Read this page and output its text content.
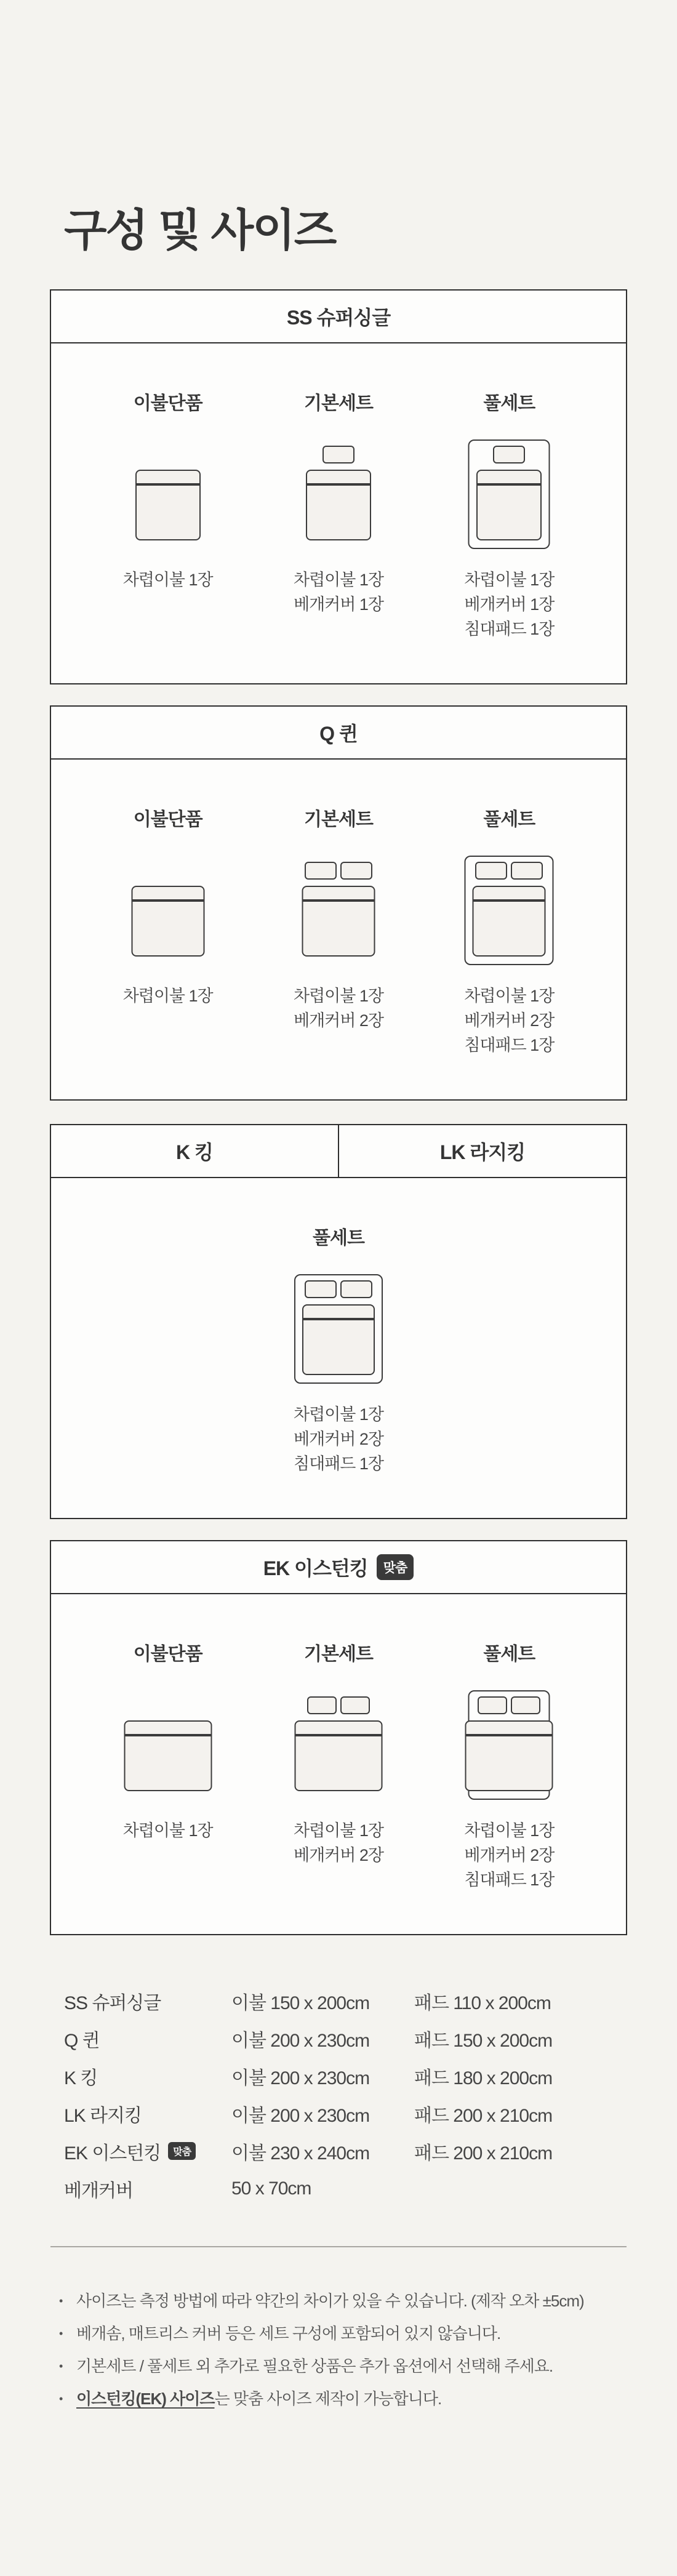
구성 및 사이즈
SS 슈퍼싱글
이불단품
차렵이불 1장
기본세트
차렵이불 1장
베개커버 1장
풀세트
차렵이불 1장
베개커버 1장
침대패드 1장
Q 퀸
이불단품
차렵이불 1장
기본세트
차렵이불 1장
베개커버 2장
풀세트
차렵이불 1장
베개커버 2장
침대패드 1장
K 킹	LK 라지킹
풀세트
차렵이불 1장
베개커버 2장
침대패드 1장
EK 이스턴킹	맞춤
이불단품
차렵이불 1장
기본세트
차렵이불 1장
베개커버 2장
풀세트
차렵이불 1장
베개커버 2장
침대패드 1장
SS 슈퍼싱글	이불 150 x 200cm	패드 110 x 200cm
Q 퀸	이불 200 x 230cm	패드 150 x 200cm
K 킹	이불 200 x 230cm	패드 180 x 200cm
LK 라지킹	이불 200 x 230cm	패드 200 x 210cm
EK 이스턴킹	맞춤 이불 230 x 240cm	패드 200 x 210cm
베개커버	50 x 70cm
• 사이즈는 측정 방법에 따라 약간의 차이가 있을 수 있습니다. (제작 오차 ±5cm)
• 베개솜, 매트리스 커버 등은 세트 구성에 포함되어 있지 않습니다.
• 기본세트 / 풀세트 외 추가로 필요한 상품은 추가 옵션에서 선택해 주세요.
• 이스턴킹(EK) 사이즈는 맞춤 사이즈 제작이 가능합니다.
